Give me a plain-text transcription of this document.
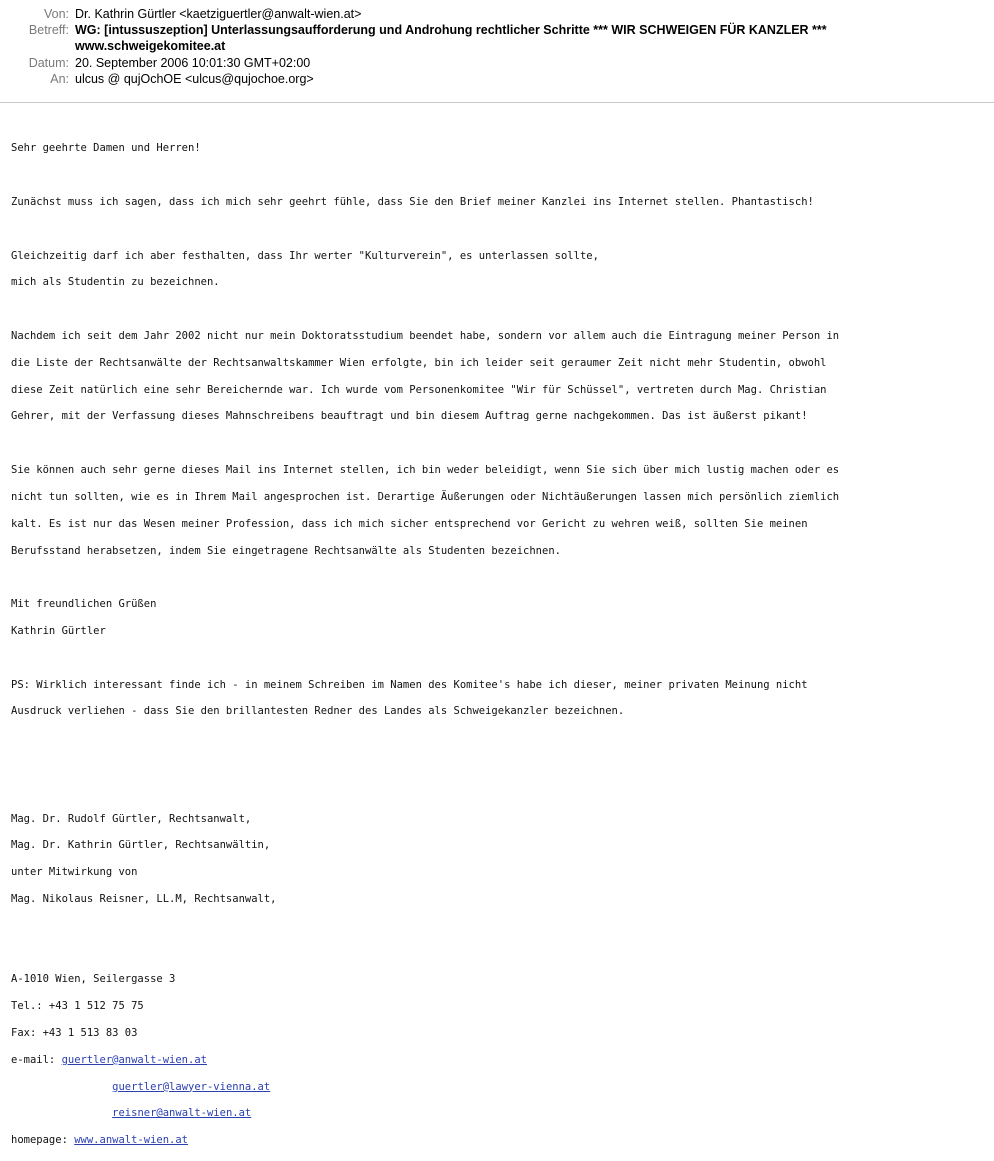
Von: Dr. Kathrin Gürtler <kaetziguertler@anwalt-wien.at>
Betreff: WG: [intussuszeption] Unterlassungsaufforderung und Androhung rechtlicher Schritte *** WIR SCHWEIGEN FÜR KANZLER ***
www.schweigekomitee.at
Datum: 20. September 2006 10:01:30 GMT+02:00
An: ulcus @ qujOchOE <ulcus@qujochoe.org>

Sehr geehrte Damen und Herren!

Zunächst muss ich sagen, dass ich mich sehr geehrt fühle, dass Sie den Brief meiner Kanzlei ins Internet stellen. Phantastisch!

Gleichzeitig darf ich aber festhalten, dass Ihr werter "Kulturverein", es unterlassen sollte,

mich als Studentin zu bezeichnen.

Nachdem ich seit dem Jahr 2002 nicht nur mein Doktoratsstudium beendet habe, sondern vor allem auch die Eintragung meiner Person in

die Liste der Rechtsanwälte der Rechtsanwaltskammer Wien erfolgte, bin ich leider seit geraumer Zeit nicht mehr Studentin, obwohl

diese Zeit natürlich eine sehr Bereichernde war. Ich wurde vom Personenkomitee "Wir für Schüssel", vertreten durch Mag. Christian

Gehrer, mit der Verfassung dieses Mahnschreibens beauftragt und bin diesem Auftrag gerne nachgekommen. Das ist äußerst pikant!

Sie können auch sehr gerne dieses Mail ins Internet stellen, ich bin weder beleidigt, wenn Sie sich über mich lustig machen oder es

nicht tun sollten, wie es in Ihrem Mail angesprochen ist. Derartige Äußerungen oder Nichtäußerungen lassen mich persönlich ziemlich

kalt. Es ist nur das Wesen meiner Profession, dass ich mich sicher entsprechend vor Gericht zu wehren weiß, sollten Sie meinen

Berufsstand herabsetzen, indem Sie eingetragene Rechtsanwälte als Studenten bezeichnen.

Mit freundlichen Grüßen

Kathrin Gürtler

PS: Wirklich interessant finde ich - in meinem Schreiben im Namen des Komitee's habe ich dieser, meiner privaten Meinung nicht

Ausdruck verliehen - dass Sie den brillantesten Redner des Landes als Schweigekanzler bezeichnen.

Mag. Dr. Rudolf Gürtler, Rechtsanwalt,

Mag. Dr. Kathrin Gürtler, Rechtsanwältin,

unter Mitwirkung von

Mag. Nikolaus Reisner, LL.M, Rechtsanwalt,

A-1010 Wien, Seilergasse 3

Tel.: +43 1 512 75 75

Fax: +43 1 513 83 03

e-mail: guertler@anwalt-wien.at

guertler@lawyer-vienna.at

reisner@anwalt-wien.at

homepage: www.anwalt-wien.at
